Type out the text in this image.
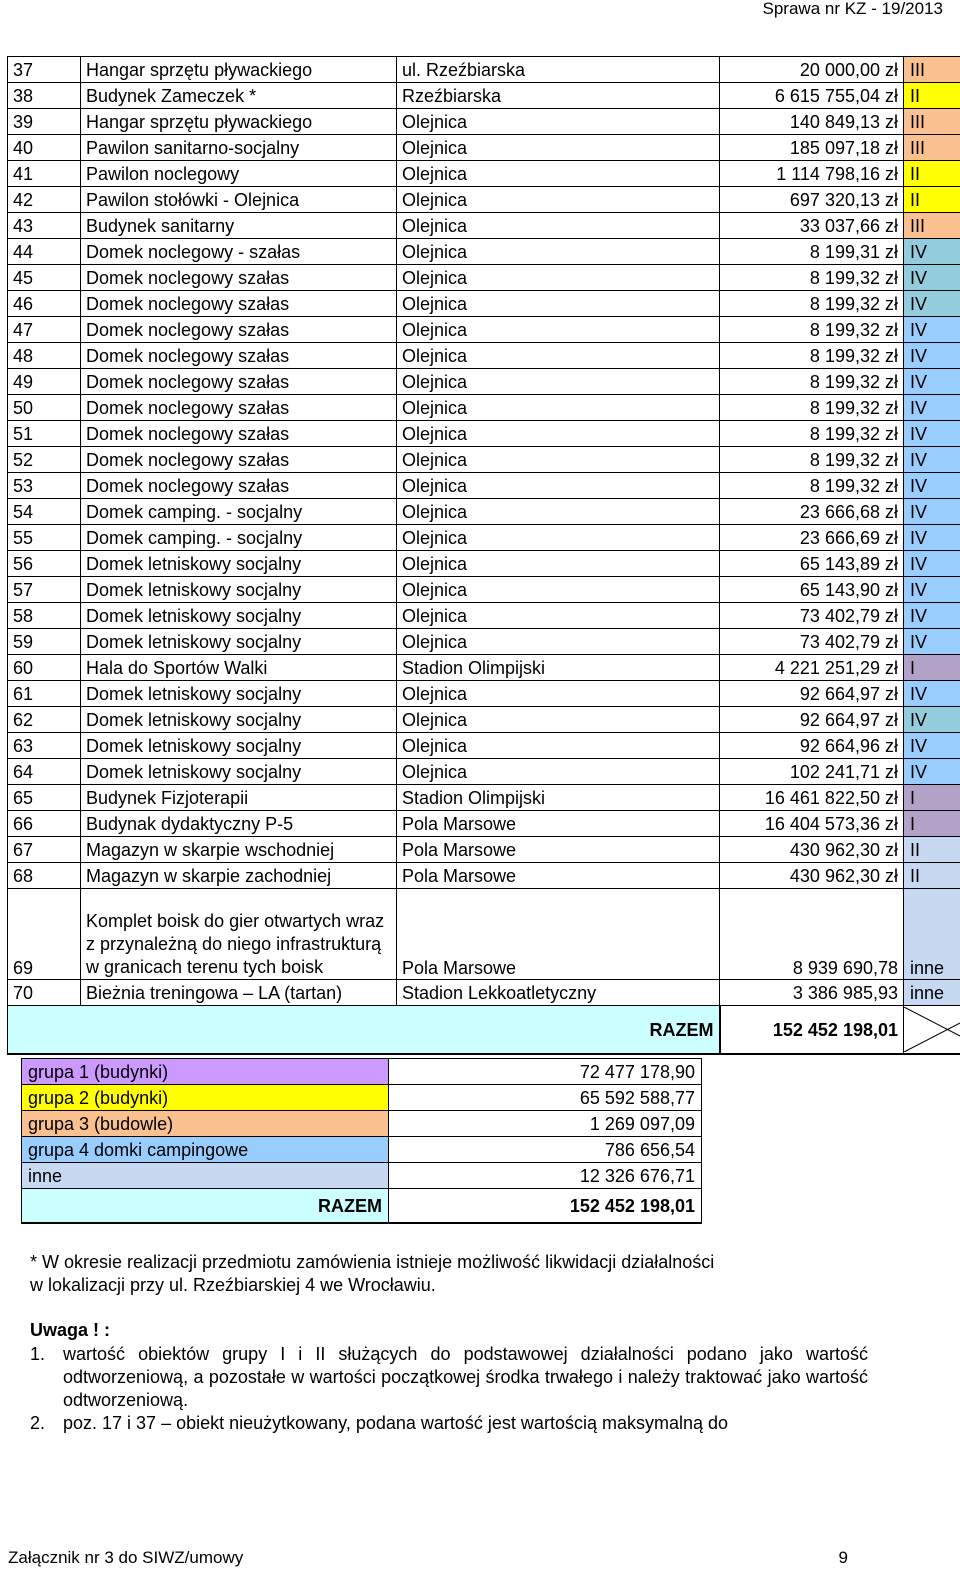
Sprawa nr KZ - 19/2013
37	Hangar sprzętu pływackiego	ul. Rzeźbiarska	20 000,00 zł	III
38	Budynek Zameczek *	Rzeźbiarska	6 615 755,04 zł	II
39	Hangar sprzętu pływackiego	Olejnica	140 849,13 zł	III
40	Pawilon sanitarno-socjalny	Olejnica	185 097,18 zł	III
41	Pawilon noclegowy	Olejnica	1 114 798,16 zł	II
42	Pawilon stołówki - Olejnica	Olejnica	697 320,13 zł	II
43	Budynek sanitarny	Olejnica	33 037,66 zł	III
44	Domek noclegowy - szałas	Olejnica	8 199,31 zł	IV
45	Domek noclegowy szałas	Olejnica	8 199,32 zł	IV
46	Domek noclegowy szałas	Olejnica	8 199,32 zł	IV
47	Domek noclegowy szałas	Olejnica	8 199,32 zł	IV
48	Domek noclegowy szałas	Olejnica	8 199,32 zł	IV
49	Domek noclegowy szałas	Olejnica	8 199,32 zł	IV
50	Domek noclegowy szałas	Olejnica	8 199,32 zł	IV
51	Domek noclegowy szałas	Olejnica	8 199,32 zł	IV
52	Domek noclegowy szałas	Olejnica	8 199,32 zł	IV
53	Domek noclegowy szałas	Olejnica	8 199,32 zł	IV
54	Domek camping. - socjalny	Olejnica	23 666,68 zł	IV
55	Domek camping. - socjalny	Olejnica	23 666,69 zł	IV
56	Domek letniskowy socjalny	Olejnica	65 143,89 zł	IV
57	Domek letniskowy socjalny	Olejnica	65 143,90 zł	IV
58	Domek letniskowy socjalny	Olejnica	73 402,79 zł	IV
59	Domek letniskowy socjalny	Olejnica	73 402,79 zł	IV
60	Hala do Sportów Walki	Stadion Olimpijski	4 221 251,29 zł	I
61	Domek letniskowy socjalny	Olejnica	92 664,97 zł	IV
62	Domek letniskowy socjalny	Olejnica	92 664,97 zł	IV
63	Domek letniskowy socjalny	Olejnica	92 664,96 zł	IV
64	Domek letniskowy socjalny	Olejnica	102 241,71 zł	IV
65	Budynek Fizjoterapii	Stadion Olimpijski	16 461 822,50 zł	I
66	Budynak dydaktyczny P-5	Pola Marsowe	16 404 573,36 zł	I
67	Magazyn w skarpie wschodniej	Pola Marsowe	430 962,30 zł	II
68	Magazyn w skarpie zachodniej	Pola Marsowe	430 962,30 zł	II
69	Komplet boisk do gier otwartych wraz z przynależną do niego infrastrukturą w granicach terenu tych boisk	Pola Marsowe	8 939 690,78	inne
70	Bieżnia treningowa – LA (tartan)	Stadion Lekkoatletyczny	3 386 985,93	inne
RAZEM			152 452 198,01	
grupa 1 (budynki)	72 477 178,90
grupa 2 (budynki)	65 592 588,77
grupa 3 (budowle)	1 269 097,09
grupa 4 domki campingowe	786 656,54
inne	12 326 676,71
RAZEM	152 452 198,01
* W okresie realizacji przedmiotu zamówienia istnieje możliwość likwidacji działalności
w lokalizacji przy ul. Rzeźbiarskiej 4 we Wrocławiu.
Uwaga ! :
1. wartość obiektów grupy I i II służących do podstawowej działalności podano jako wartość odtworzeniową, a pozostałe w wartości początkowej środka trwałego i należy traktować jako wartość odtworzeniową.
2. poz. 17 i 37 – obiekt nieużytkowany, podana wartość jest wartością maksymalną do
Załącznik nr 3 do SIWZ/umowy	9
